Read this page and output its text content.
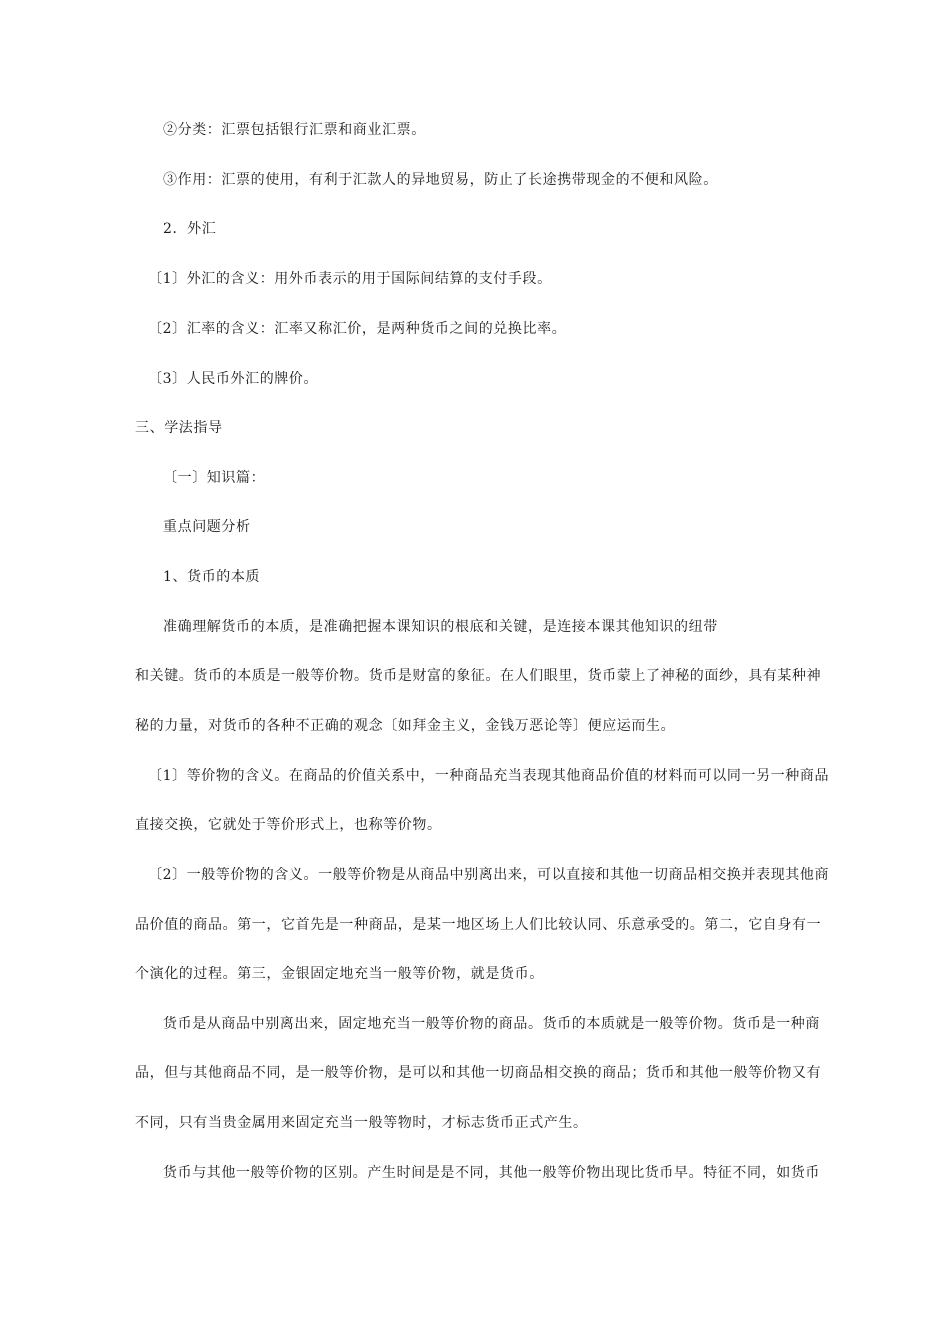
②分类：汇票包括银行汇票和商业汇票。
③作用：汇票的使用，有利于汇款人的异地贸易，防止了长途携带现金的不便和风险。
2．外汇
〔1〕外汇的含义：用外币表示的用于国际间结算的支付手段。
〔2〕汇率的含义：汇率又称汇价，是两种货币之间的兑换比率。
〔3〕人民币外汇的牌价。
三、学法指导
〔一〕知识篇：
重点问题分析
1、货币的本质
准确理解货币的本质，是准确把握本课知识的根底和关键，是连接本课其他知识的纽带
和关键。货币的本质是一般等价物。货币是财富的象征。在人们眼里，货币蒙上了神秘的面纱，具有某种神
秘的力量，对货币的各种不正确的观念〔如拜金主义，金钱万恶论等〕便应运而生。
〔1〕等价物的含义。在商品的价值关系中，一种商品充当表现其他商品价值的材料而可以同一另一种商品
直接交换，它就处于等价形式上，也称等价物。
〔2〕一般等价物的含义。一般等价物是从商品中别离出来，可以直接和其他一切商品相交换并表现其他商
品价值的商品。第一，它首先是一种商品，是某一地区场上人们比较认同、乐意承受的。第二，它自身有一
个演化的过程。第三，金银固定地充当一般等价物，就是货币。
货币是从商品中别离出来，固定地充当一般等价物的商品。货币的本质就是一般等价物。货币是一种商
品，但与其他商品不同，是一般等价物，是可以和其他一切商品相交换的商品；货币和其他一般等价物又有
不同，只有当贵金属用来固定充当一般等物时，才标志货币正式产生。
货币与其他一般等价物的区别。产生时间是是不同，其他一般等价物出现比货币早。特征不同，如货币
